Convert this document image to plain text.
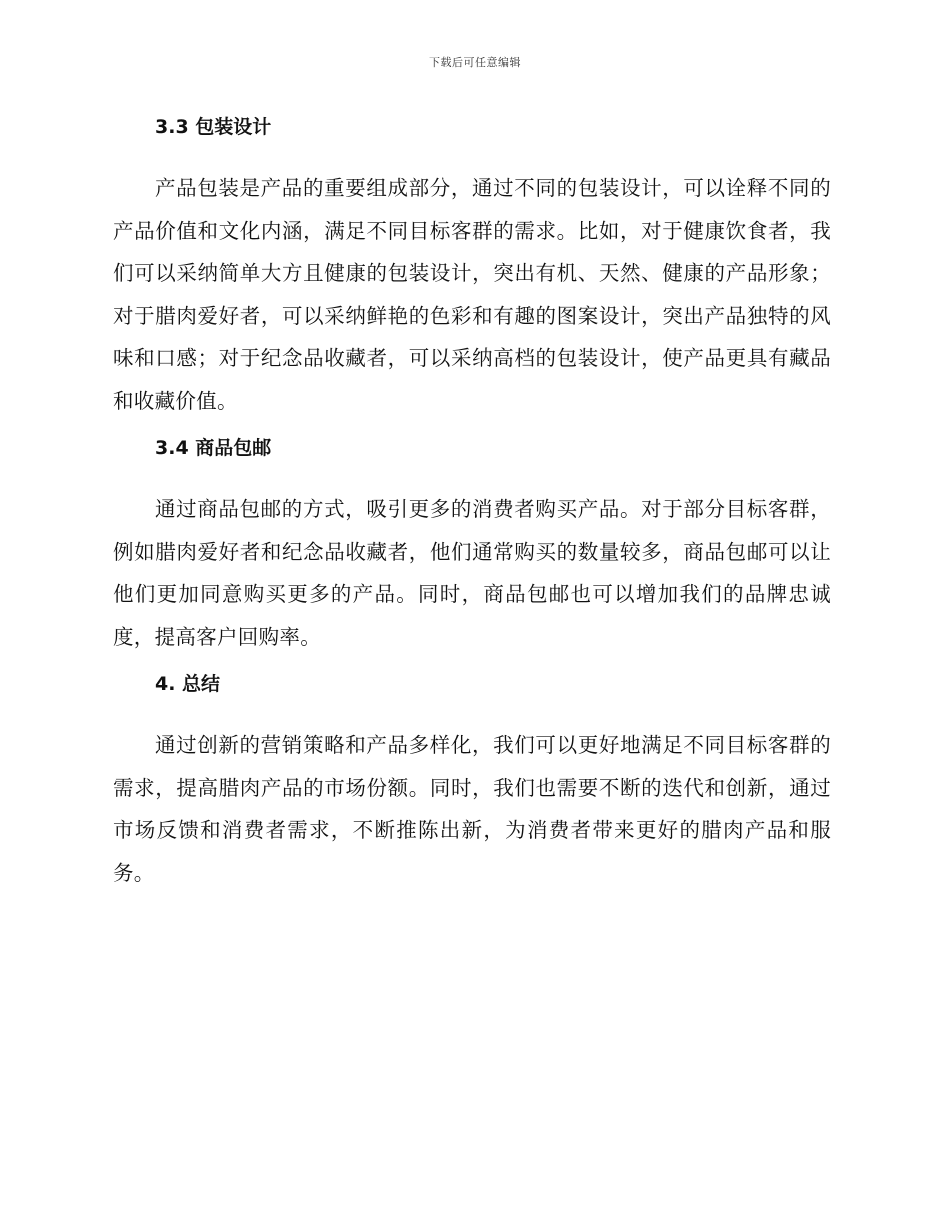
下载后可任意编辑
3.3 包装设计

产品包装是产品的重要组成部分，通过不同的包装设计，可以诠释不同的产品价值和文化内涵，满足不同目标客群的需求。比如，对于健康饮食者，我们可以采纳简单大方且健康的包装设计，突出有机、天然、健康的产品形象；对于腊肉爱好者，可以采纳鲜艳的色彩和有趣的图案设计，突出产品独特的风味和口感；对于纪念品收藏者，可以采纳高档的包装设计，使产品更具有藏品和收藏价值。

3.4 商品包邮

通过商品包邮的方式，吸引更多的消费者购买产品。对于部分目标客群，例如腊肉爱好者和纪念品收藏者，他们通常购买的数量较多，商品包邮可以让他们更加同意购买更多的产品。同时，商品包邮也可以增加我们的品牌忠诚度，提高客户回购率。

4. 总结

通过创新的营销策略和产品多样化，我们可以更好地满足不同目标客群的需求，提高腊肉产品的市场份额。同时，我们也需要不断的迭代和创新，通过市场反馈和消费者需求，不断推陈出新，为消费者带来更好的腊肉产品和服务。
